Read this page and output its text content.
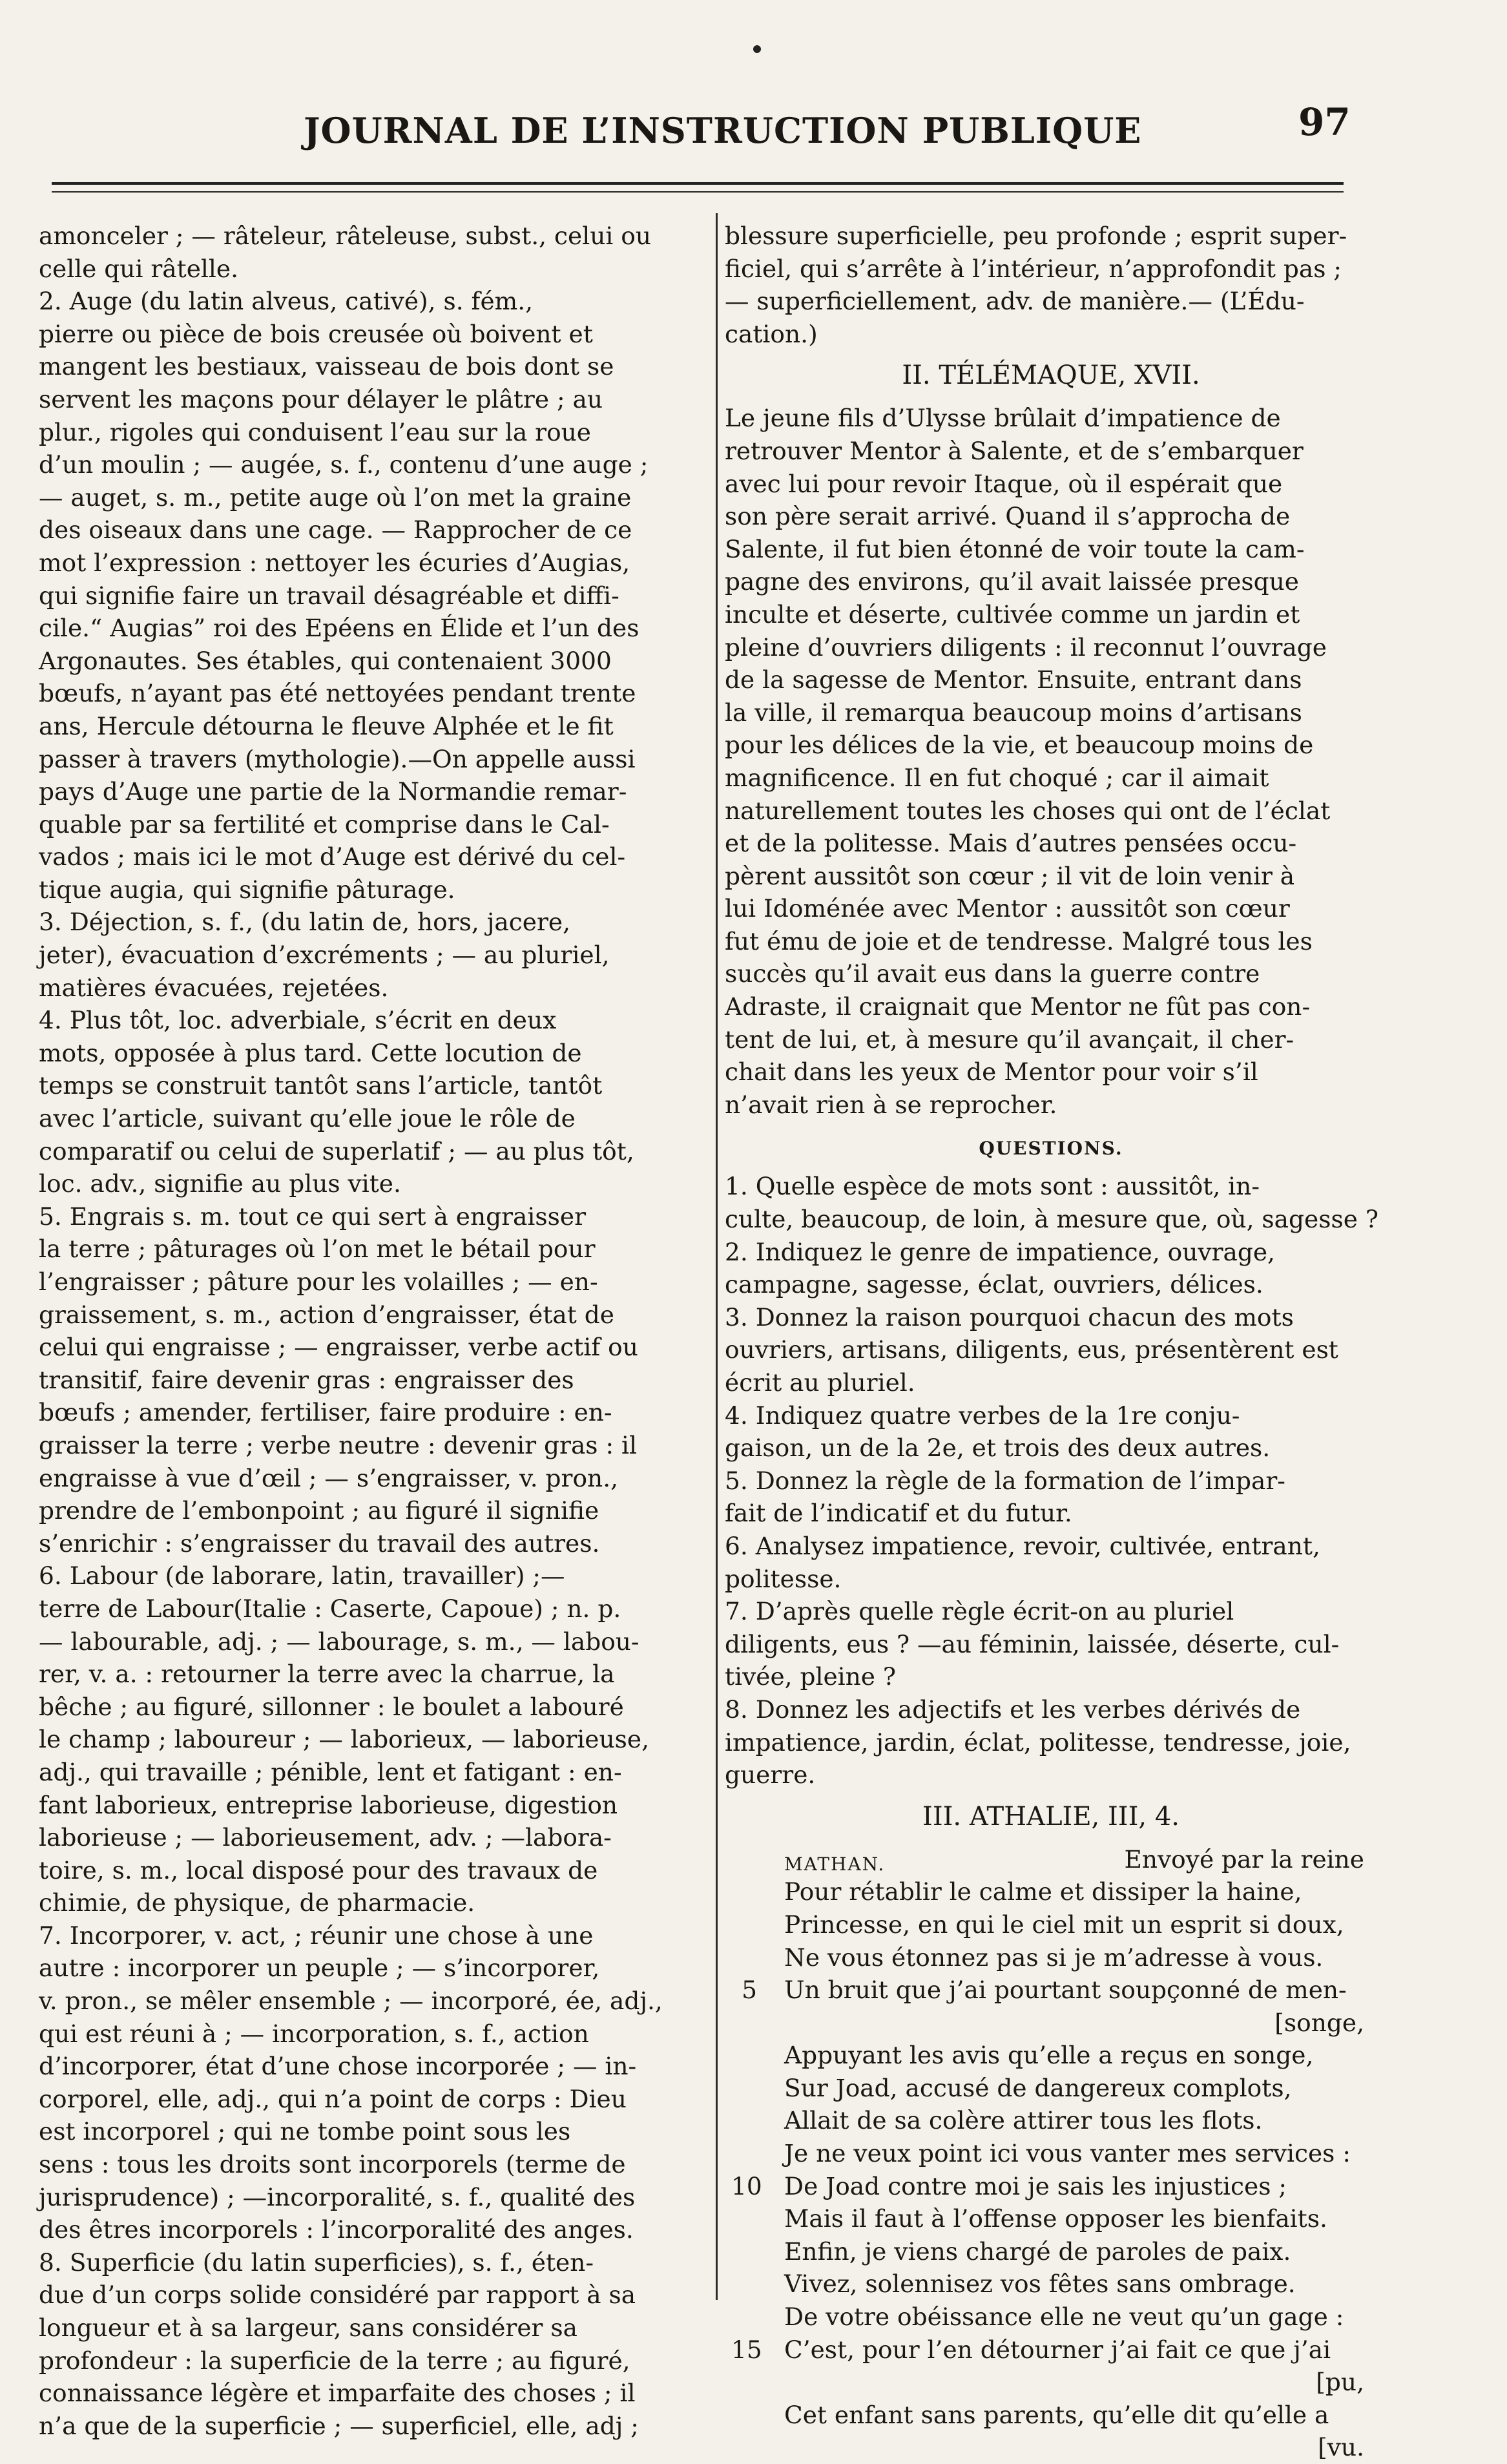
JOURNAL DE L’INSTRUCTION PUBLIQUE	97
amonceler ; — râteleur, râteleuse, subst., celui ou
celle qui râtelle.
2. Auge (du latin alveus, cativé), s. fém.,
pierre ou pièce de bois creusée où boivent et
mangent les bestiaux, vaisseau de bois dont se
servent les maçons pour délayer le plâtre ; au
plur., rigoles qui conduisent l’eau sur la roue
d’un moulin ; — augée, s. f., contenu d’une auge ;
— auget, s. m., petite auge où l’on met la graine
des oiseaux dans une cage. — Rapprocher de ce
mot l’expression : nettoyer les écuries d’Augias,
qui signifie faire un travail désagréable et diffi-
cile.“ Augias” roi des Epéens en Élide et l’un des
Argonautes. Ses étables, qui contenaient 3000
bœufs, n’ayant pas été nettoyées pendant trente
ans, Hercule détourna le fleuve Alphée et le fit
passer à travers (mythologie).—On appelle aussi
pays d’Auge une partie de la Normandie remar-
quable par sa fertilité et comprise dans le Cal-
vados ; mais ici le mot d’Auge est dérivé du cel-
tique augia, qui signifie pâturage.
3. Déjection, s. f., (du latin de, hors, jacere,
jeter), évacuation d’excréments ; — au pluriel,
matières évacuées, rejetées.
4. Plus tôt, loc. adverbiale, s’écrit en deux
mots, opposée à plus tard. Cette locution de
temps se construit tantôt sans l’article, tantôt
avec l’article, suivant qu’elle joue le rôle de
comparatif ou celui de superlatif ; — au plus tôt,
loc. adv., signifie au plus vite.
5. Engrais s. m. tout ce qui sert à engraisser
la terre ; pâturages où l’on met le bétail pour
l’engraisser ; pâture pour les volailles ; — en-
graissement, s. m., action d’engraisser, état de
celui qui engraisse ; — engraisser, verbe actif ou
transitif, faire devenir gras : engraisser des
bœufs ; amender, fertiliser, faire produire : en-
graisser la terre ; verbe neutre : devenir gras : il
engraisse à vue d’œil ; — s’engraisser, v. pron.,
prendre de l’embonpoint ; au figuré il signifie
s’enrichir : s’engraisser du travail des autres.
6. Labour (de laborare, latin, travailler) ;—
terre de Labour(Italie : Caserte, Capoue) ; n. p.
— labourable, adj. ; — labourage, s. m., — labou-
rer, v. a. : retourner la terre avec la charrue, la
bêche ; au figuré, sillonner : le boulet a labouré
le champ ; laboureur ; — laborieux, — laborieuse,
adj., qui travaille ; pénible, lent et fatigant : en-
fant laborieux, entreprise laborieuse, digestion
laborieuse ; — laborieusement, adv. ; —labora-
toire, s. m., local disposé pour des travaux de
chimie, de physique, de pharmacie.
7. Incorporer, v. act, ; réunir une chose à une
autre : incorporer un peuple ; — s’incorporer,
v. pron., se mêler ensemble ; — incorporé, ée, adj.,
qui est réuni à ; — incorporation, s. f., action
d’incorporer, état d’une chose incorporée ; — in-
corporel, elle, adj., qui n’a point de corps : Dieu
est incorporel ; qui ne tombe point sous les
sens : tous les droits sont incorporels (terme de
jurisprudence) ; —incorporalité, s. f., qualité des
des êtres incorporels : l’incorporalité des anges.
8. Superficie (du latin superficies), s. f., éten-
due d’un corps solide considéré par rapport à sa
longueur et à sa largeur, sans considérer sa
profondeur : la superficie de la terre ; au figuré,
connaissance légère et imparfaite des choses ; il
n’a que de la superficie ; — superficiel, elle, adj ;
blessure superficielle, peu profonde ; esprit super-
ficiel, qui s’arrête à l’intérieur, n’approfondit pas ;
— superficiellement, adv. de manière.— (L’Édu-
cation.)
II. TÉLÉMAQUE, XVII.
Le jeune fils d’Ulysse brûlait d’impatience de
retrouver Mentor à Salente, et de s’embarquer
avec lui pour revoir Itaque, où il espérait que
son père serait arrivé. Quand il s’approcha de
Salente, il fut bien étonné de voir toute la cam-
pagne des environs, qu’il avait laissée presque
inculte et déserte, cultivée comme un jardin et
pleine d’ouvriers diligents : il reconnut l’ouvrage
de la sagesse de Mentor. Ensuite, entrant dans
la ville, il remarqua beaucoup moins d’artisans
pour les délices de la vie, et beaucoup moins de
magnificence. Il en fut choqué ; car il aimait
naturellement toutes les choses qui ont de l’éclat
et de la politesse. Mais d’autres pensées occu-
pèrent aussitôt son cœur ; il vit de loin venir à
lui Idoménée avec Mentor : aussitôt son cœur
fut ému de joie et de tendresse. Malgré tous les
succès qu’il avait eus dans la guerre contre
Adraste, il craignait que Mentor ne fût pas con-
tent de lui, et, à mesure qu’il avançait, il cher-
chait dans les yeux de Mentor pour voir s’il
n’avait rien à se reprocher.
QUESTIONS.
1. Quelle espèce de mots sont : aussitôt, in-
culte, beaucoup, de loin, à mesure que, où, sagesse ?
2. Indiquez le genre de impatience, ouvrage,
campagne, sagesse, éclat, ouvriers, délices.
3. Donnez la raison pourquoi chacun des mots
ouvriers, artisans, diligents, eus, présentèrent est
écrit au pluriel.
4. Indiquez quatre verbes de la 1re conju-
gaison, un de la 2e, et trois des deux autres.
5. Donnez la règle de la formation de l’impar-
fait de l’indicatif et du futur.
6. Analysez impatience, revoir, cultivée, entrant,
politesse.
7. D’après quelle règle écrit-on au pluriel
diligents, eus ? —au féminin, laissée, déserte, cul-
tivée, pleine ?
8. Donnez les adjectifs et les verbes dérivés de
impatience, jardin, éclat, politesse, tendresse, joie,
guerre.
III. ATHALIE, III, 4.
MATHAN.	Envoyé par la reine
Pour rétablir le calme et dissiper la haine,
Princesse, en qui le ciel mit un esprit si doux,
Ne vous étonnez pas si je m’adresse à vous.
5 Un bruit que j’ai pourtant soupçonné de men-
[songe,
Appuyant les avis qu’elle a reçus en songe,
Sur Joad, accusé de dangereux complots,
Allait de sa colère attirer tous les flots.
Je ne veux point ici vous vanter mes services :
10 De Joad contre moi je sais les injustices ;
Mais il faut à l’offense opposer les bienfaits.
Enfin, je viens chargé de paroles de paix.
Vivez, solennisez vos fêtes sans ombrage.
De votre obéissance elle ne veut qu’un gage :
15 C’est, pour l’en détourner j’ai fait ce que j’ai
[pu,
Cet enfant sans parents, qu’elle dit qu’elle a
[vu.
